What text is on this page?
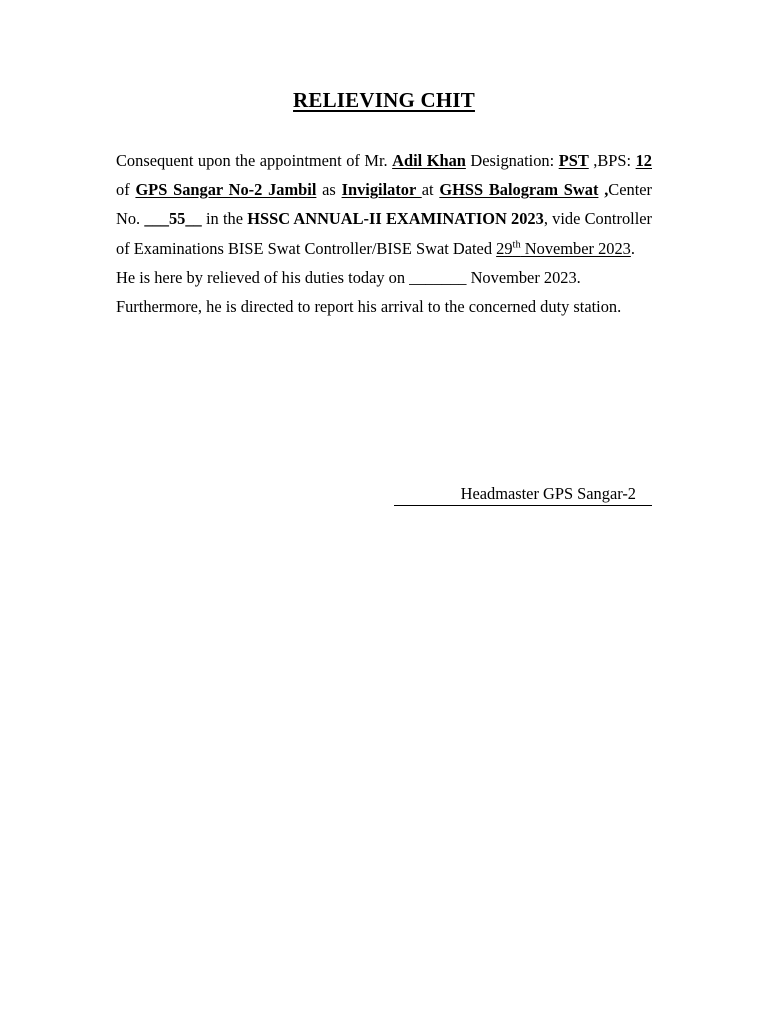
RELIEVING CHIT

Consequent upon the appointment of Mr. Adil Khan Designation: PST ,BPS: 12 of GPS Sangar No-2 Jambil as Invigilator at GHSS Balogram Swat ,Center No. ___55__ in the HSSC ANNUAL-II EXAMINATION 2023, vide Controller of Examinations BISE Swat Controller/BISE Swat Dated 29th November 2023.

He is here by relieved of his duties today on _______ November 2023.

Furthermore, he is directed to report his arrival to the concerned duty station.

Headmaster GPS Sangar-2
